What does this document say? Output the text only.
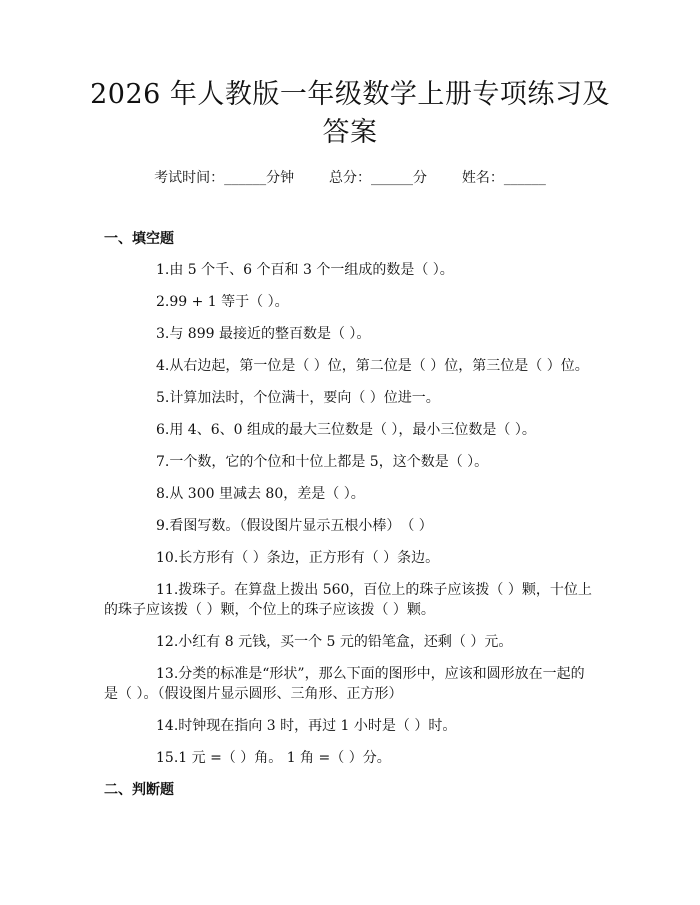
2026 年人教版一年级数学上册专项练习及答案
考试时间：______分钟 总分：______分 姓名：______
一、填空题
1.由 5 个千、6 个百和 3 个一组成的数是（ ）。
2.99 + 1 等于（ ）。
3.与 899 最接近的整百数是（ ）。
4.从右边起，第一位是（ ）位，第二位是（ ）位，第三位是（ ）位。
5.计算加法时，个位满十，要向（ ）位进一。
6.用 4、6、0 组成的最大三位数是（ ），最小三位数是（ ）。
7.一个数，它的个位和十位上都是 5，这个数是（ ）。
8.从 300 里减去 80，差是（ ）。
9.看图写数。（假设图片显示五根小棒）　（ ）
10.长方形有（ ）条边，正方形有（ ）条边。
11.拨珠子。在算盘上拨出 560，百位上的珠子应该拨（ ）颗，十位上的珠子应该拨（ ）颗，个位上的珠子应该拨（ ）颗。
12.小红有 8 元钱，买一个 5 元的铅笔盒，还剩（ ）元。
13.分类的标准是“形状”，那么下面的图形中，应该和圆形放在一起的是（ ）。（假设图片显示圆形、三角形、正方形）
14.时钟现在指向 3 时，再过 1 小时是（ ）时。
15.1 元 =（ ）角。 1 角 =（ ）分。
二、判断题
